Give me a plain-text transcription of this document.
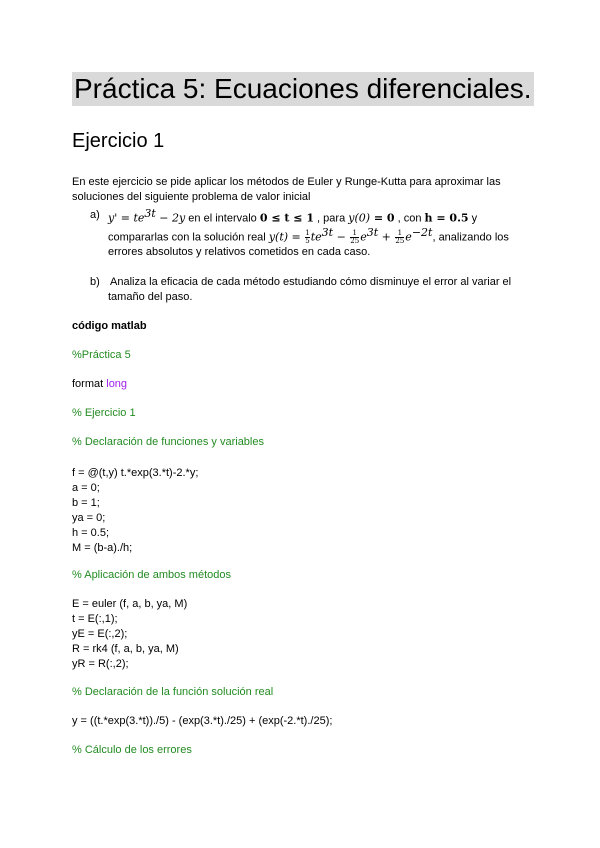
Práctica 5: Ecuaciones diferenciales.
Ejercicio 1
En este ejercicio se pide aplicar los métodos de Euler y Runge-Kutta para aproximar las
soluciones del siguiente problema de valor inicial
a) $y' = te^{3t} - 2y$ en el intervalo 0 ≤ t ≤ 1 , para y(0) = 0 , con h = 0.5 y
compararlas con la solución real $y(t) = \frac{1}{5} te^{3t} - \frac{1}{25} e^{3t} + \frac{1}{25} e^{-2t}$, analizando los
errores absolutos y relativos cometidos en cada caso.
b) Analiza la eficacia de cada método estudiando cómo disminuye el error al variar el
tamaño del paso.
código matlab
%Práctica 5
format long
% Ejercicio 1
% Declaración de funciones y variables
f = @(t,y) t.*exp(3.*t)-2.*y;
a = 0;
b = 1;
ya = 0;
h = 0.5;
M = (b-a)./h;
% Aplicación de ambos métodos
E = euler (f, a, b, ya, M)
t = E(:,1);
yE = E(:,2);
R = rk4 (f, a, b, ya, M)
yR = R(:,2);
% Declaración de la función solución real
y = ((t.*exp(3.*t))./5) - (exp(3.*t)./25) + (exp(-2.*t)./25);
% Cálculo de los errores
